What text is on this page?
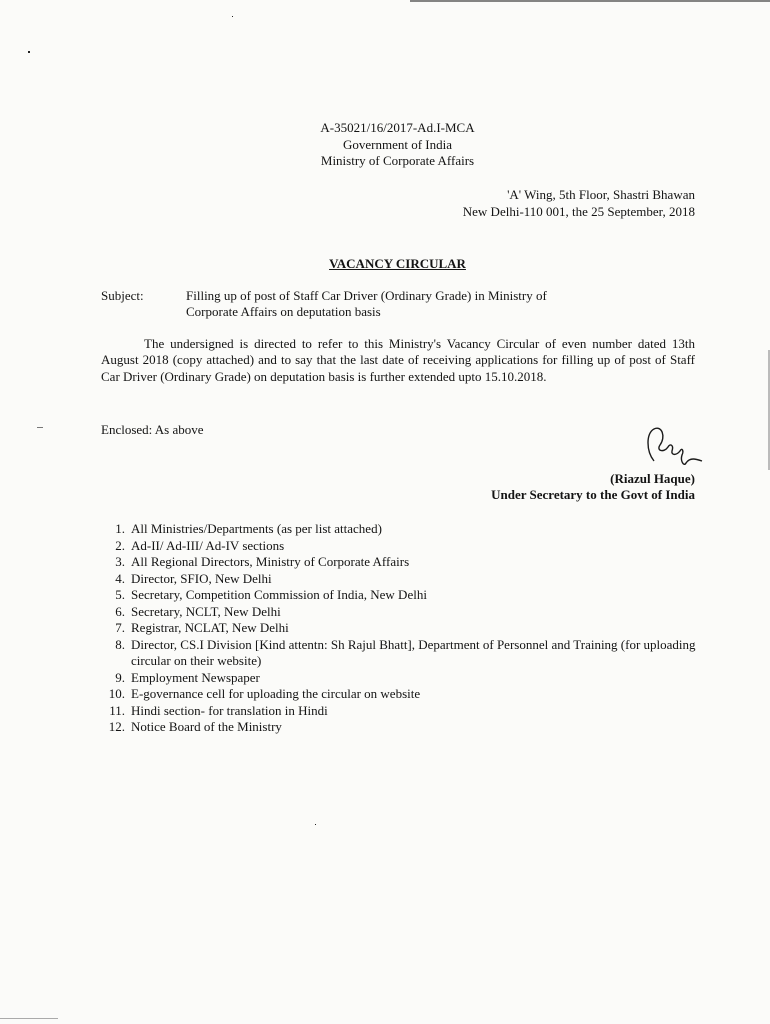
A-35021/16/2017-Ad.I-MCA
Government of India
Ministry of Corporate Affairs
'A' Wing, 5th Floor, Shastri Bhawan
New Delhi-110 001, the 25 September, 2018
VACANCY CIRCULAR
Subject:	Filling up of post of Staff Car Driver (Ordinary Grade) in Ministry of
Corporate Affairs on deputation basis
The undersigned is directed to refer to this Ministry's Vacancy Circular of even number dated 13th August 2018 (copy attached) and to say that the last date of receiving applications for filling up of post of Staff Car Driver (Ordinary Grade) on deputation basis is further extended upto 15.10.2018.
Enclosed: As above
(Riazul Haque)
Under Secretary to the Govt of India
1. All Ministries/Departments (as per list attached)
2. Ad-II/ Ad-III/ Ad-IV sections
3. All Regional Directors, Ministry of Corporate Affairs
4. Director, SFIO, New Delhi
5. Secretary, Competition Commission of India, New Delhi
6. Secretary, NCLT, New Delhi
7. Registrar, NCLAT, New Delhi
8. Director, CS.I Division [Kind attentn: Sh Rajul Bhatt], Department of Personnel and Training (for uploading circular on their website)
9. Employment Newspaper
10. E-governance cell for uploading the circular on website
11. Hindi section- for translation in Hindi
12. Notice Board of the Ministry
